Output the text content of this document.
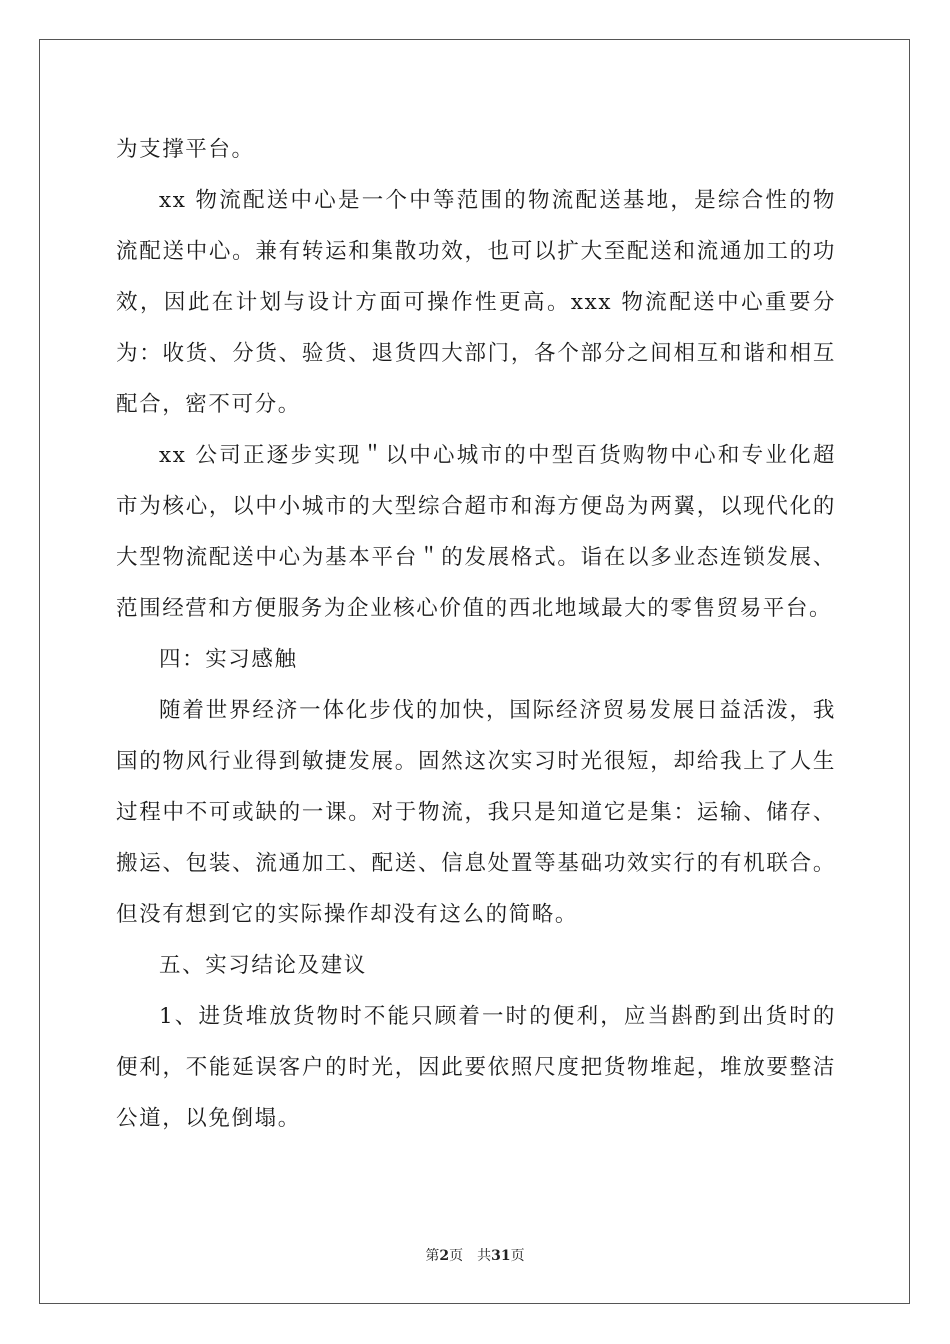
为支撑平台。

xx 物流配送中心是一个中等范围的物流配送基地，是综合性的物流配送中心。兼有转运和集散功效，也可以扩大至配送和流通加工的功效，因此在计划与设计方面可操作性更高。xxx 物流配送中心重要分为：收货、分货、验货、退货四大部门，各个部分之间相互和谐和相互配合，密不可分。

xx 公司正逐步实现＂以中心城市的中型百货购物中心和专业化超市为核心，以中小城市的大型综合超市和海方便岛为两翼，以现代化的大型物流配送中心为基本平台＂的发展格式。诣在以多业态连锁发展、范围经营和方便服务为企业核心价值的西北地域最大的零售贸易平台。

四：实习感触

随着世界经济一体化步伐的加快，国际经济贸易发展日益活泼，我国的物风行业得到敏捷发展。固然这次实习时光很短，却给我上了人生过程中不可或缺的一课。对于物流，我只是知道它是集：运输、储存、搬运、包装、流通加工、配送、信息处置等基础功效实行的有机联合。但没有想到它的实际操作却没有这么的简略。

五、实习结论及建议

1、进货堆放货物时不能只顾着一时的便利，应当斟酌到出货时的便利，不能延误客户的时光，因此要依照尺度把货物堆起，堆放要整洁公道，以免倒塌。

第2页 共31页
